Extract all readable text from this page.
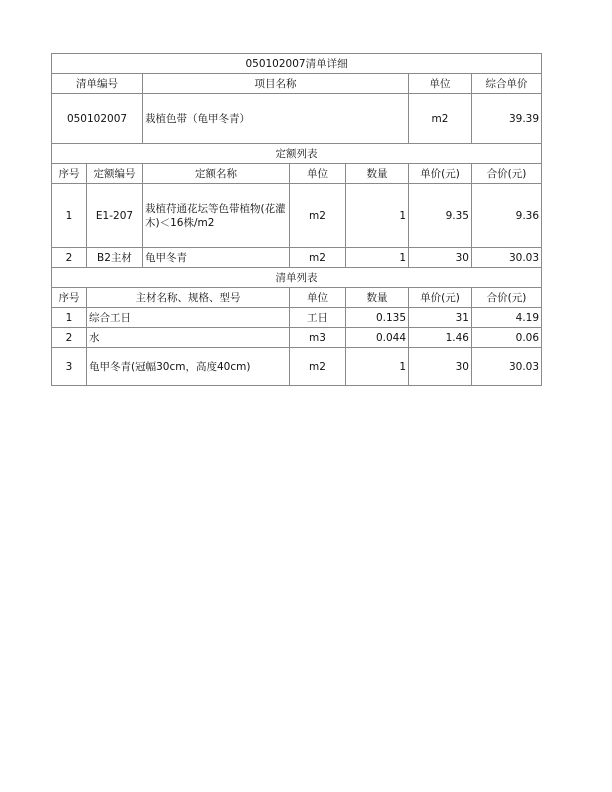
050102007清单详细						
清单编号		项目名称			单位	综合单价
050102007		栽植色带（龟甲冬青）			m2	39.39
定额列表						
序号	定额编号	定额名称	单位	数量	单价(元)	合价(元)
1	E1-207	栽植苻通花坛等色带植物(花灌木)＜16株/m2	m2	1	9.35	9.36
2	B2主材	龟甲冬青	m2	1	30	30.03
清单列表						
序号	主材名称、规格、型号		单位	数量	单价(元)	合价(元)
1	综合工日		工日	0.135	31	4.19
2	水		m3	0.044	1.46	0.06
3	龟甲冬青(冠幅30cm，高度40cm)		m2	1	30	30.03
